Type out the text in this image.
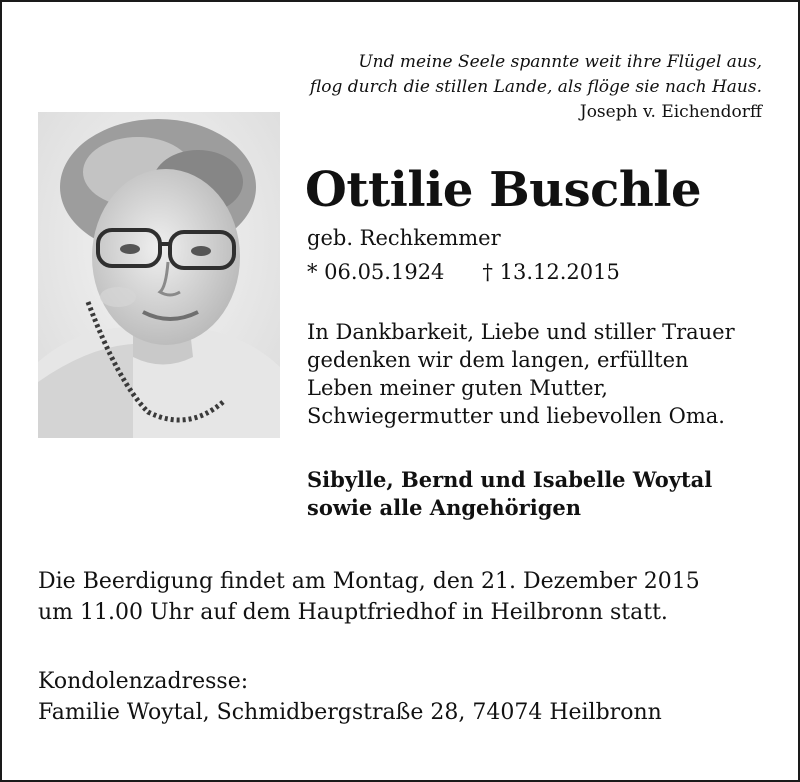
Und meine Seele spannte weit ihre Flügel aus,
flog durch die stillen Lande, als flöge sie nach Haus.
Joseph v. Eichendorff
Ottilie Buschle
geb. Rechkemmer
* 06.05.1924 † 13.12.2015
In Dankbarkeit, Liebe und stiller Trauer
gedenken wir dem langen, erfüllten
Leben meiner guten Mutter,
Schwiegermutter und liebevollen Oma.
Sibylle, Bernd und Isabelle Woytal
sowie alle Angehörigen
Die Beerdigung findet am Montag, den 21. Dezember 2015
um 11.00 Uhr auf dem Hauptfriedhof in Heilbronn statt.
Kondolenzadresse:
Familie Woytal, Schmidbergstraße 28, 74074 Heilbronn
